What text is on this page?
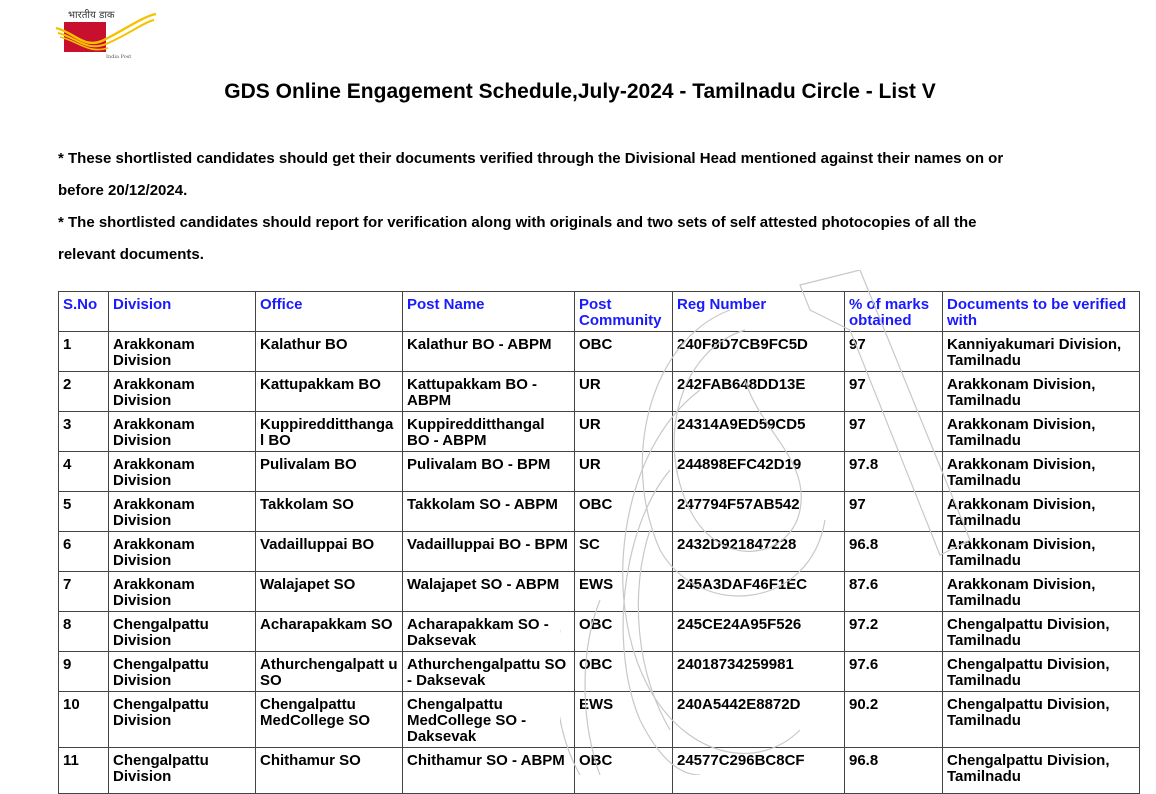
भारतीय डाक
India Post
GDS Online Engagement Schedule,July-2024 - Tamilnadu Circle - List V
* These shortlisted candidates should get their documents verified through the Divisional Head mentioned against their names on or
before 20/12/2024.
* The shortlisted candidates should report for verification along with originals and two sets of self attested photocopies of all the
relevant documents.
S.No	Division	Office	Post Name	Post Community	Reg Number	% of marks obtained	Documents to be verified with
1	Arakkonam Division	Kalathur BO	Kalathur BO - ABPM	OBC	240F8D7CB9FC5D	97	Kanniyakumari Division, Tamilnadu
2	Arakkonam Division	Kattupakkam BO	Kattupakkam BO - ABPM	UR	242FAB648DD13E	97	Arakkonam Division, Tamilnadu
3	Arakkonam Division	Kuppiredditthanga l BO	Kuppiredditthangal BO - ABPM	UR	24314A9ED59CD5	97	Arakkonam Division, Tamilnadu
4	Arakkonam Division	Pulivalam BO	Pulivalam BO - BPM	UR	244898EFC42D19	97.8	Arakkonam Division, Tamilnadu
5	Arakkonam Division	Takkolam SO	Takkolam SO - ABPM	OBC	247794F57AB542	97	Arakkonam Division, Tamilnadu
6	Arakkonam Division	Vadailluppai BO	Vadailluppai BO - BPM	SC	2432D921847228	96.8	Arakkonam Division, Tamilnadu
7	Arakkonam Division	Walajapet SO	Walajapet SO - ABPM	EWS	245A3DAF46F1EC	87.6	Arakkonam Division, Tamilnadu
8	Chengalpattu Division	Acharapakkam SO	Acharapakkam SO - Daksevak	OBC	245CE24A95F526	97.2	Chengalpattu Division, Tamilnadu
9	Chengalpattu Division	Athurchengalpatt u SO	Athurchengalpattu SO - Daksevak	OBC	24018734259981	97.6	Chengalpattu Division, Tamilnadu
10	Chengalpattu Division	Chengalpattu MedCollege SO	Chengalpattu MedCollege SO - Daksevak	EWS	240A5442E8872D	90.2	Chengalpattu Division, Tamilnadu
11	Chengalpattu Division	Chithamur SO	Chithamur SO - ABPM	OBC	24577C296BC8CF	96.8	Chengalpattu Division, Tamilnadu
